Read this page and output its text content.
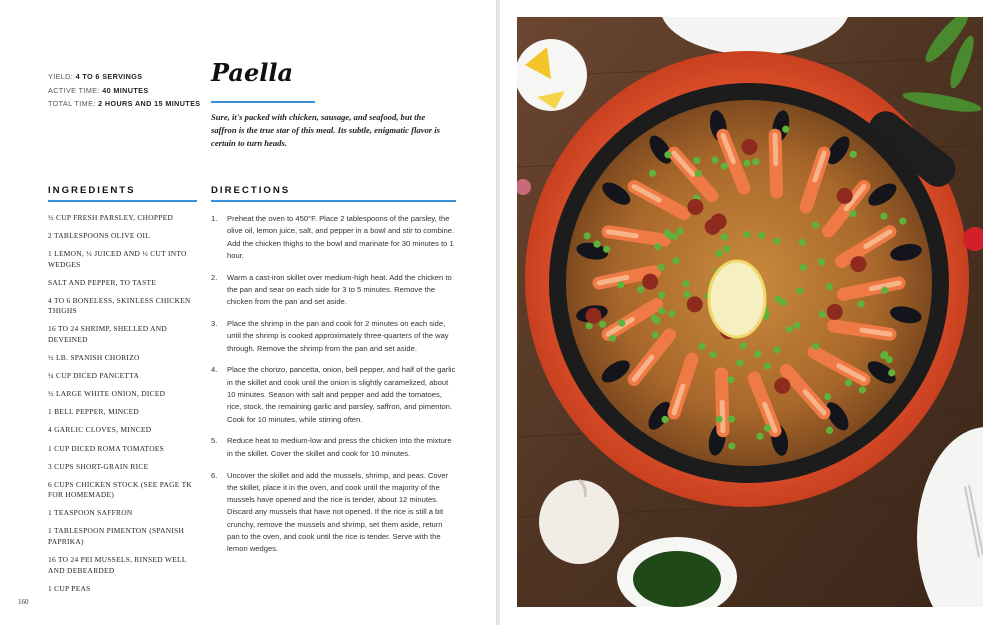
YIELD: 4 TO 6 SERVINGS
ACTIVE TIME: 40 MINUTES
TOTAL TIME: 2 HOURS AND 15 MINUTES
Paella
Sure, it's packed with chicken, sausage, and seafood, but the saffron is the true star of this meal. Its subtle, enigmatic flavor is certain to turn heads.
INGREDIENTS	DIRECTIONS
½ CUP FRESH PARSLEY, CHOPPED
2 TABLESPOONS OLIVE OIL
1 LEMON, ½ JUICED AND ½ CUT INTO WEDGES
SALT AND PEPPER, TO TASTE
4 TO 6 BONELESS, SKINLESS CHICKEN THIGHS
16 TO 24 SHRIMP, SHELLED AND DEVEINED
½ LB. SPANISH CHORIZO
¼ CUP DICED PANCETTA
½ LARGE WHITE ONION, DICED
1 BELL PEPPER, MINCED
4 GARLIC CLOVES, MINCED
1 CUP DICED ROMA TOMATOES
3 CUPS SHORT-GRAIN RICE
6 CUPS CHICKEN STOCK (SEE PAGE TK FOR HOMEMADE)
1 TEASPOON SAFFRON
1 TABLESPOON PIMENTON (SPANISH PAPRIKA)
16 TO 24 PEI MUSSELS, RINSED WELL AND DEBEARDED
1 CUP PEAS
1. Preheat the oven to 450°F. Place 2 tablespoons of the parsley, the olive oil, lemon juice, salt, and pepper in a bowl and stir to combine. Add the chicken thighs to the bowl and marinate for 30 minutes to 1 hour.
2. Warm a cast-iron skillet over medium-high heat. Add the chicken to the pan and sear on each side for 3 to 5 minutes. Remove the chicken from the pan and set aside.
3. Place the shrimp in the pan and cook for 2 minutes on each side, until the shrimp is cooked approximately three-quarters of the way through. Remove the shrimp from the pan and set aside.
4. Place the chorizo, pancetta, onion, bell pepper, and half of the garlic in the skillet and cook until the onion is slightly caramelized, about 10 minutes. Season with salt and pepper and add the tomatoes, rice, stock, the remaining garlic and parsley, saffron, and pimenton. Cook for 10 minutes, while stirring often.
5. Reduce heat to medium-low and press the chicken into the mixture in the skillet. Cover the skillet and cook for 10 minutes.
6. Uncover the skillet and add the mussels, shrimp, and peas. Cover the skillet, place it in the oven, and cook until the majority of the mussels have opened and the rice is tender, about 12 minutes. Discard any mussels that have not opened. If the rice is still a bit crunchy, remove the mussels and shrimp, set them aside, return pan to the oven, and cook until the rice is tender. Serve with the lemon wedges.
160
